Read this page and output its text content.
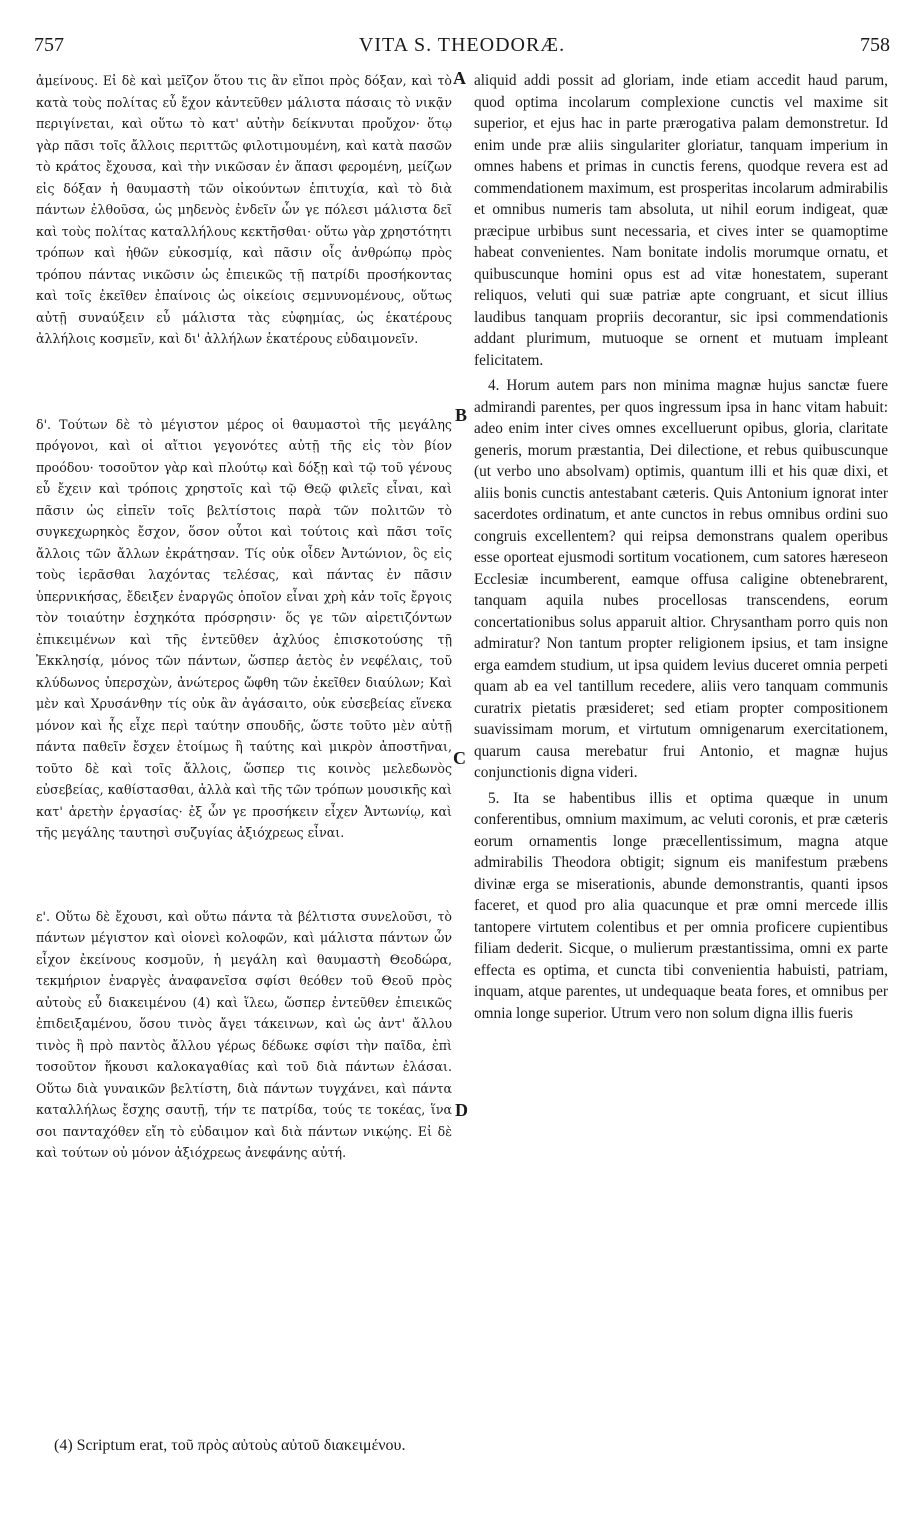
757	VITA S. THEODORÆ.	758

ἀμείνους. Εἰ δὲ καὶ μεῖζον ὅτου τις ἂν εἴποι πρὸς δόξαν, καὶ τὸ κατὰ τοὺς πολίτας εὖ ἔχον κἀντεῦθεν μάλιστα πάσαις τὸ νικᾷν περιγίνεται, καὶ οὕτω τὸ κατ' αὐτὴν δείκνυται προὔχον· ὅτῳ γὰρ πᾶσι τοῖς ἄλλοις περιττῶς φιλοτιμουμένη, καὶ κατὰ πασῶν τὸ κράτος ἔχουσα, καὶ τὴν νικῶσαν ἐν ἅπασι φερομένη, μείζων εἰς δόξαν ἡ θαυμαστὴ τῶν οἰκούντων ἐπιτυχία, καὶ τὸ διὰ πάντων ἐλθοῦσα, ὡς μηδενὸς ἐνδεῖν ὧν γε πόλεσι μάλιστα δεῖ καὶ τοὺς πολίτας καταλλήλους κεκτῆσθαι· οὕτω γὰρ χρηστότητι τρόπων καὶ ἠθῶν εὐκοσμίᾳ, καὶ πᾶσιν οἷς ἀνθρώπῳ πρὸς τρόπου πάντας νικῶσιν ὡς ἐπιεικῶς τῇ πατρίδι προσήκοντας καὶ τοῖς ἐκεῖθεν ἐπαίνοις ὡς οἰκείοις σεμνυνομένους, οὕτως αὐτῇ συναύξειν εὖ μάλιστα τὰς εὐφημίας, ὡς ἑκατέρους ἀλλήλοις κοσμεῖν, καὶ δι' ἀλλήλων ἑκατέρους εὐδαιμονεῖν.

δ'. Τούτων δὲ τὸ μέγιστον μέρος οἱ θαυμαστοὶ τῆς μεγάλης πρόγονοι, καὶ οἱ αἴτιοι γεγονότες αὐτῇ τῆς εἰς τὸν βίον προόδου· τοσοῦτον γὰρ καὶ πλούτῳ καὶ δόξῃ καὶ τῷ τοῦ γένους εὖ ἔχειν καὶ τρόποις χρηστοῖς καὶ τῷ Θεῷ φιλεῖς εἶναι, καὶ πᾶσιν ὡς εἰπεῖν τοῖς βελτίστοις παρὰ τῶν πολιτῶν τὸ συγκεχωρηκὸς ἔσχον, ὅσον οὗτοι καὶ τούτοις καὶ πᾶσι τοῖς ἄλλοις τῶν ἄλλων ἐκράτησαν. Τίς οὐκ οἶδεν Ἀντώνιον, ὃς εἰς τοὺς ἱερᾶσθαι λαχόντας τελέσας, καὶ πάντας ἐν πᾶσιν ὑπερνικήσας, ἔδειξεν ἐναργῶς ὁποῖον εἶναι χρὴ κἀν τοῖς ἔργοις τὸν τοιαύτην ἐσχηκότα πρόσρησιν· ὅς γε τῶν αἱρετιζόντων ἐπικειμένων καὶ τῆς ἐντεῦθεν ἀχλύος ἐπισκοτούσης τῇ Ἐκκλησίᾳ, μόνος τῶν πάντων, ὥσπερ ἀετὸς ἐν νεφέλαις, τοῦ κλύδωνος ὑπερσχὼν, ἀνώτερος ὤφθη τῶν ἐκεῖθεν διαύλων; Καὶ μὲν καὶ Χρυσάνθην τίς οὐκ ἂν ἀγάσαιτο, οὐκ εὐσεβείας εἵνεκα μόνον καὶ ἧς εἶχε περὶ ταύτην σπουδῆς, ὥστε τοῦτο μὲν αὐτῇ πάντα παθεῖν ἔσχεν ἑτοίμως ἢ ταύτης καὶ μικρὸν ἀποστῆναι, τοῦτο δὲ καὶ τοῖς ἄλλοις, ὥσπερ τις κοινὸς μελεδωνὸς εὐσεβείας, καθίστασθαι, ἀλλὰ καὶ τῆς τῶν τρόπων μουσικῆς καὶ κατ' ἀρετὴν ἐργασίας· ἐξ ὧν γε προσήκειν εἶχεν Ἀντωνίῳ, καὶ τῆς μεγάλης ταυτησὶ συζυγίας ἀξιόχρεως εἶναι.

ε'. Οὕτω δὲ ἔχουσι, καὶ οὕτω πάντα τὰ βέλτιστα συνελοῦσι, τὸ πάντων μέγιστον καὶ οἱονεὶ κολοφῶν, καὶ μάλιστα πάντων ὧν εἶχον ἐκείνους κοσμοῦν, ἡ μεγάλη καὶ θαυμαστὴ Θεοδώρα, τεκμήριον ἐναργὲς ἀναφανεῖσα σφίσι θεόθεν τοῦ Θεοῦ πρὸς αὐτοὺς εὖ διακειμένου (4) καὶ ἵλεω, ὥσπερ ἐντεῦθεν ἐπιεικῶς ἐπιδειξαμένου, ὅσου τινὸς ἄγει τάκεινων, καὶ ὡς ἀντ' ἄλλου τινὸς ἢ πρὸ παντὸς ἄλλου γέρως δέδωκε σφίσι τὴν παῖδα, ἐπὶ τοσοῦτον ἥκουσι καλοκαγαθίας καὶ τοῦ διὰ πάντων ἐλάσαι. Οὕτω διὰ γυναικῶν βελτίστη, διὰ πάντων τυγχάνει, καὶ πάντα καταλλήλως ἔσχης σαυτῇ, τήν τε πατρίδα, τούς τε τοκέας, ἵνα σοι πανταχόθεν εἴη τὸ εὐδαιμον καὶ διὰ πάντων νικῴης. Εἰ δὲ καὶ τούτων οὐ μόνον ἀξιόχρεως ἀνεφάνης αὐτή.

A
B
C
D

aliquid addi possit ad gloriam, inde etiam accedit haud parum, quod optima incolarum complexione cunctis vel maxime sit superior, et ejus hac in parte prærogativa palam demonstretur. Id enim unde præ aliis singulariter gloriatur, tanquam imperium in omnes habens et primas in cunctis ferens, quodque revera est ad commendationem maximum, est prosperitas incolarum admirabilis et omnibus numeris tam absoluta, ut nihil eorum indigeat, quæ præcipue urbibus sunt necessaria, et cives inter se quamoptime habeat convenientes. Nam bonitate indolis morumque ornatu, et quibuscunque homini opus est ad vitæ honestatem, superant reliquos, veluti qui suæ patriæ apte congruant, et sicut illius laudibus tanquam propriis decorantur, sic ipsi commendationis addant plurimum, mutuoque se ornent et mutuam impleant felicitatem.

4. Horum autem pars non minima magnæ hujus sanctæ fuere admirandi parentes, per quos ingressum ipsa in hanc vitam habuit: adeo enim inter cives omnes excelluerunt opibus, gloria, claritate generis, morum præstantia, Dei dilectione, et rebus quibuscunque (ut verbo uno absolvam) optimis, quantum illi et his quæ dixi, et aliis bonis cunctis antestabant cæteris. Quis Antonium ignorat inter sacerdotes ordinatum, et ante cunctos in rebus omnibus ordini suo congruis excellentem? qui reipsa demonstrans qualem operibus esse oporteat ejusmodi sortitum vocationem, cum satores hæreseon Ecclesiæ incumberent, eamque offusa caligine obtenebrarent, tanquam aquila nubes procellosas transcendens, eorum concertationibus solus apparuit altior. Chrysantham porro quis non admiratur? Non tantum propter religionem ipsius, et tam insigne erga eamdem studium, ut ipsa quidem levius duceret omnia perpeti quam ab ea vel tantillum recedere, aliis vero tanquam communis curatrix pietatis præsideret; sed etiam propter compositionem suavissimam morum, et virtutum omnigenarum exercitationem, quarum causa merebatur frui Antonio, et magnæ hujus conjunctionis digna videri.

5. Ita se habentibus illis et optima quæque in unum conferentibus, omnium maximum, ac veluti coronis, et præ cæteris eorum ornamentis longe præcellentissimum, magna atque admirabilis Theodora obtigit; signum eis manifestum præbens divinæ erga se miserationis, abunde demonstrantis, quanti ipsos faceret, et quod pro alia quacunque et præ omni mercede illis tantopere virtutem colentibus et per omnia proficere cupientibus filiam dederit. Sicque, o mulierum præstantissima, omni ex parte effecta es optima, et cuncta tibi convenientia habuisti, patriam, inquam, atque parentes, ut undequaque beata fores, et omnibus per omnia longe superior. Utrum vero non solum digna illis fueris

(4) Scriptum erat, τοῦ πρὸς αὐτοὺς αὐτοῦ διακειμένου.
